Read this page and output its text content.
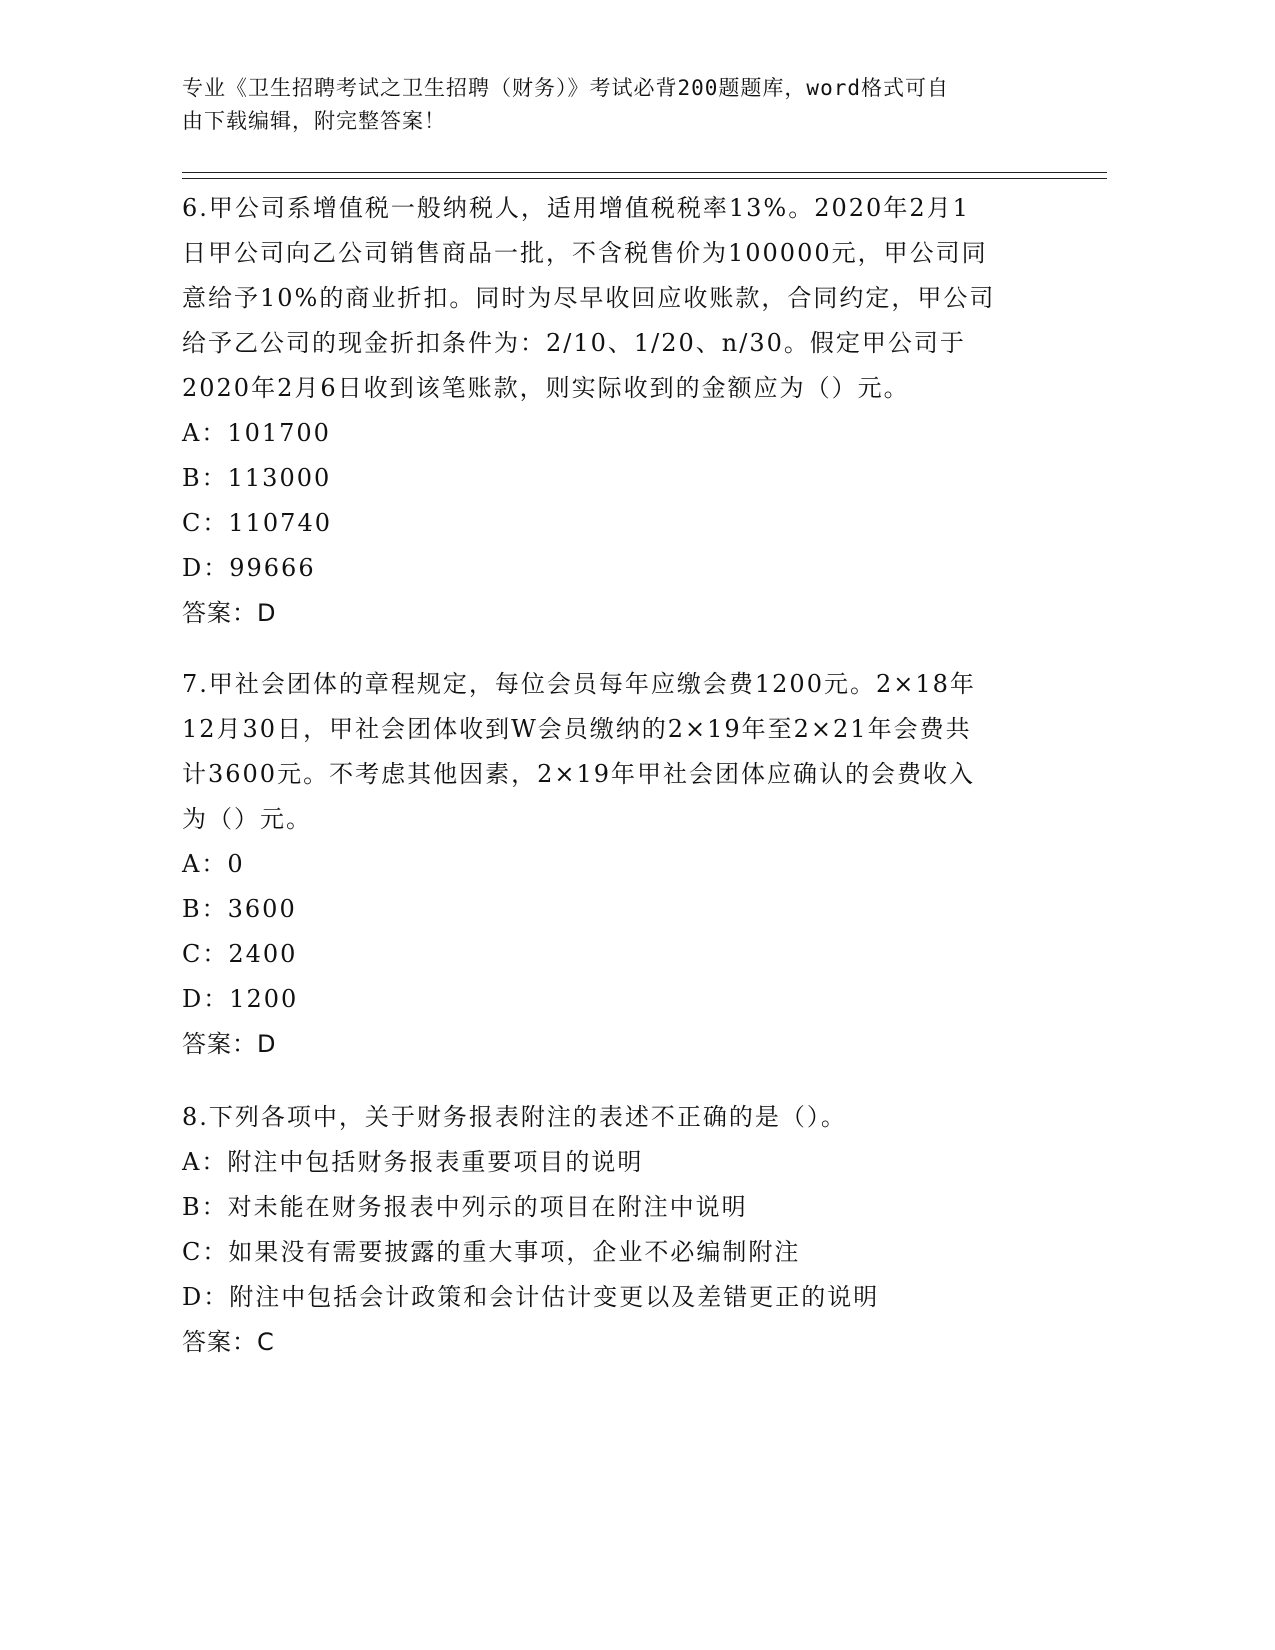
专业《卫生招聘考试之卫生招聘（财务）》考试必背200题题库，word格式可自
由下载编辑，附完整答案！

6.甲公司系增值税一般纳税人，适用增值税税率13%。2020年2月1

日甲公司向乙公司销售商品一批，不含税售价为100000元，甲公司同

意给予10%的商业折扣。同时为尽早收回应收账款，合同约定，甲公司

给予乙公司的现金折扣条件为：2/10、1/20、n/30。假定甲公司于

2020年2月6日收到该笔账款，则实际收到的金额应为（）元。

A：101700

B：113000

C：110740

D：99666

答案：D

7.甲社会团体的章程规定，每位会员每年应缴会费1200元。2×18年

12月30日，甲社会团体收到W会员缴纳的2×19年至2×21年会费共

计3600元。不考虑其他因素，2×19年甲社会团体应确认的会费收入

为（）元。

A：0

B：3600

C：2400

D：1200

答案：D

8.下列各项中，关于财务报表附注的表述不正确的是（）。

A：附注中包括财务报表重要项目的说明

B：对未能在财务报表中列示的项目在附注中说明

C：如果没有需要披露的重大事项，企业不必编制附注

D：附注中包括会计政策和会计估计变更以及差错更正的说明

答案：C
